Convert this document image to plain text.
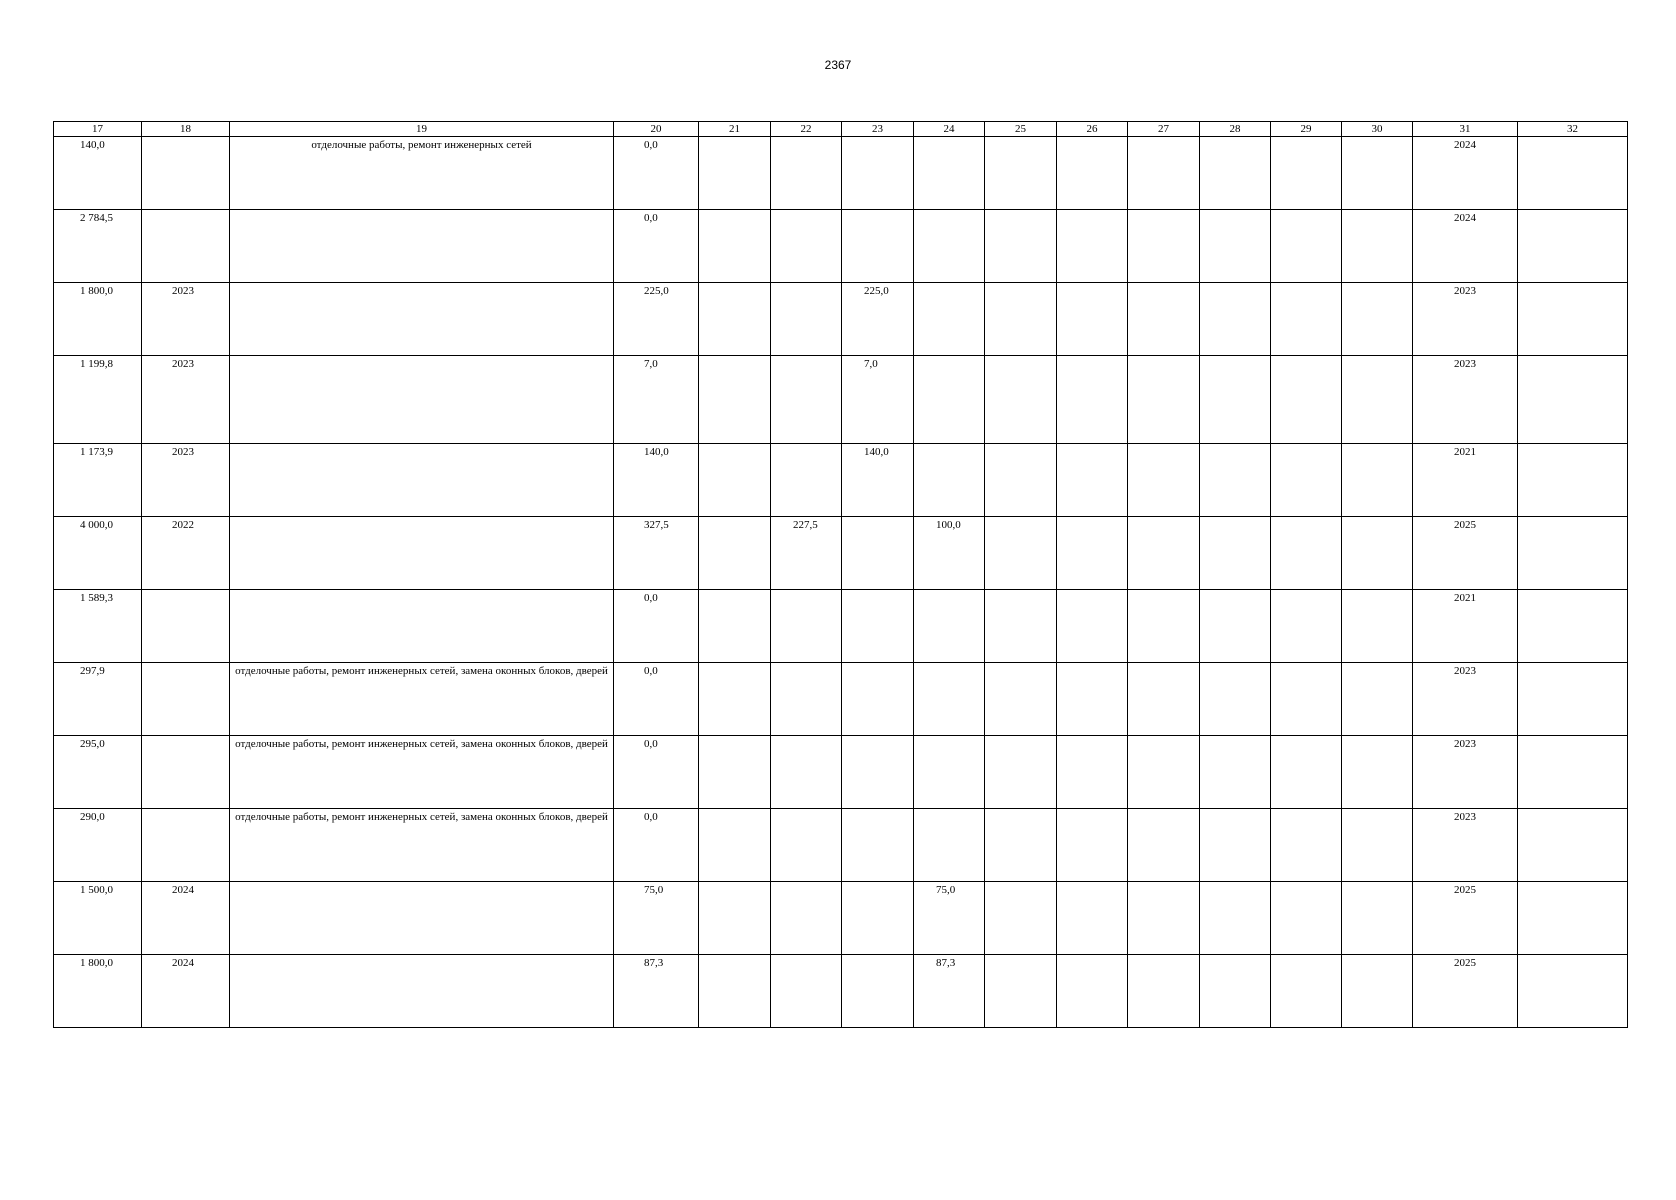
2367
17	18	19	20	21	22	23	24	25	26	27	28	29	30	31	32
140,0		отделочные работы, ремонт инженерных сетей	0,0											2024	
2 784,5			0,0											2024	
1 800,0	2023		225,0			225,0								2023	
1 199,8	2023		7,0			7,0								2023	
1 173,9	2023		140,0			140,0								2021	
4 000,0	2022		327,5		227,5		100,0							2025	
1 589,3			0,0											2021	
297,9		отделочные работы, ремонт инженерных сетей, замена оконных блоков, дверей	0,0											2023	
295,0		отделочные работы, ремонт инженерных сетей, замена оконных блоков, дверей	0,0											2023	
290,0		отделочные работы, ремонт инженерных сетей, замена оконных блоков, дверей	0,0											2023	
1 500,0	2024		75,0				75,0							2025	
1 800,0	2024		87,3				87,3							2025	
